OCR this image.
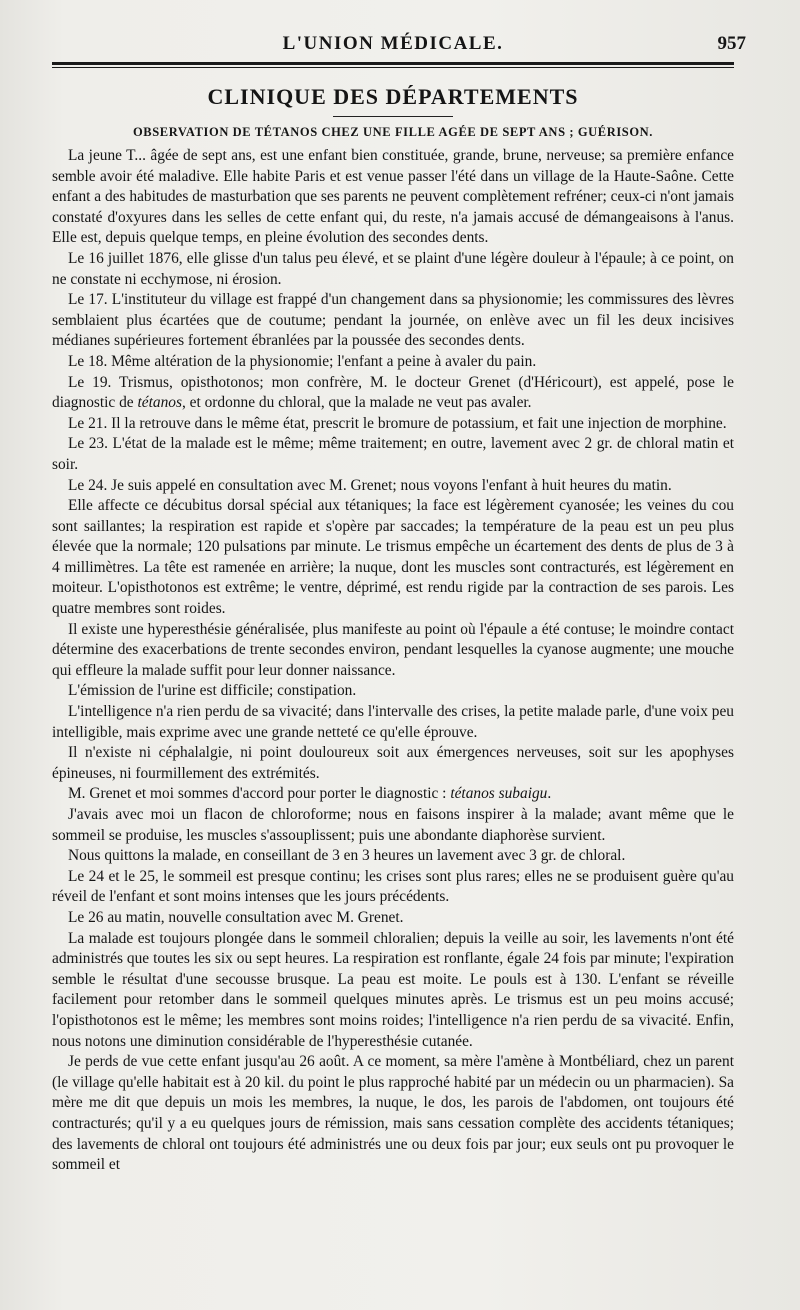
L'UNION MÉDICALE.	957
CLINIQUE DES DÉPARTEMENTS
OBSERVATION DE TÉTANOS CHEZ UNE FILLE AGÉE DE SEPT ANS ; GUÉRISON.

La jeune T... âgée de sept ans, est une enfant bien constituée, grande, brune, nerveuse; sa première enfance semble avoir été maladive. Elle habite Paris et est venue passer l'été dans un village de la Haute-Saône. Cette enfant a des habitudes de masturbation que ses parents ne peuvent complètement refréner; ceux-ci n'ont jamais constaté d'oxyures dans les selles de cette enfant qui, du reste, n'a jamais accusé de démangeaisons à l'anus. Elle est, depuis quelque temps, en pleine évolution des secondes dents.

Le 16 juillet 1876, elle glisse d'un talus peu élevé, et se plaint d'une légère douleur à l'épaule; à ce point, on ne constate ni ecchymose, ni érosion.

Le 17. L'instituteur du village est frappé d'un changement dans sa physionomie; les commissures des lèvres semblaient plus écartées que de coutume; pendant la journée, on enlève avec un fil les deux incisives médianes supérieures fortement ébranlées par la poussée des secondes dents.

Le 18. Même altération de la physionomie; l'enfant a peine à avaler du pain.

Le 19. Trismus, opisthotonos; mon confrère, M. le docteur Grenet (d'Héricourt), est appelé, pose le diagnostic de tétanos, et ordonne du chloral, que la malade ne veut pas avaler.

Le 21. Il la retrouve dans le même état, prescrit le bromure de potassium, et fait une injection de morphine.

Le 23. L'état de la malade est le même; même traitement; en outre, lavement avec 2 gr. de chloral matin et soir.

Le 24. Je suis appelé en consultation avec M. Grenet; nous voyons l'enfant à huit heures du matin.

Elle affecte ce décubitus dorsal spécial aux tétaniques; la face est légèrement cyanosée; les veines du cou sont saillantes; la respiration est rapide et s'opère par saccades; la température de la peau est un peu plus élevée que la normale; 120 pulsations par minute. Le trismus empêche un écartement des dents de plus de 3 à 4 millimètres. La tête est ramenée en arrière; la nuque, dont les muscles sont contracturés, est légèrement en moiteur. L'opisthotonos est extrême; le ventre, déprimé, est rendu rigide par la contraction de ses parois. Les quatre membres sont roides.

Il existe une hyperesthésie généralisée, plus manifeste au point où l'épaule a été contuse; le moindre contact détermine des exacerbations de trente secondes environ, pendant lesquelles la cyanose augmente; une mouche qui effleure la malade suffit pour leur donner naissance.

L'émission de l'urine est difficile; constipation.

L'intelligence n'a rien perdu de sa vivacité; dans l'intervalle des crises, la petite malade parle, d'une voix peu intelligible, mais exprime avec une grande netteté ce qu'elle éprouve.

Il n'existe ni céphalalgie, ni point douloureux soit aux émergences nerveuses, soit sur les apophyses épineuses, ni fourmillement des extrémités.

M. Grenet et moi sommes d'accord pour porter le diagnostic : tétanos subaigu.

J'avais avec moi un flacon de chloroforme; nous en faisons inspirer à la malade; avant même que le sommeil se produise, les muscles s'assouplissent; puis une abondante diaphorèse survient.

Nous quittons la malade, en conseillant de 3 en 3 heures un lavement avec 3 gr. de chloral.

Le 24 et le 25, le sommeil est presque continu; les crises sont plus rares; elles ne se produisent guère qu'au réveil de l'enfant et sont moins intenses que les jours précédents.

Le 26 au matin, nouvelle consultation avec M. Grenet.

La malade est toujours plongée dans le sommeil chloralien; depuis la veille au soir, les lavements n'ont été administrés que toutes les six ou sept heures. La respiration est ronflante, égale 24 fois par minute; l'expiration semble le résultat d'une secousse brusque. La peau est moite. Le pouls est à 130. L'enfant se réveille facilement pour retomber dans le sommeil quelques minutes après. Le trismus est un peu moins accusé; l'opisthotonos est le même; les membres sont moins roides; l'intelligence n'a rien perdu de sa vivacité. Enfin, nous notons une diminution considérable de l'hyperesthésie cutanée.

Je perds de vue cette enfant jusqu'au 26 août. A ce moment, sa mère l'amène à Montbéliard, chez un parent (le village qu'elle habitait est à 20 kil. du point le plus rapproché habité par un médecin ou un pharmacien). Sa mère me dit que depuis un mois les membres, la nuque, le dos, les parois de l'abdomen, ont toujours été contracturés; qu'il y a eu quelques jours de rémission, mais sans cessation complète des accidents tétaniques; des lavements de chloral ont toujours été administrés une ou deux fois par jour; eux seuls ont pu provoquer le sommeil et
